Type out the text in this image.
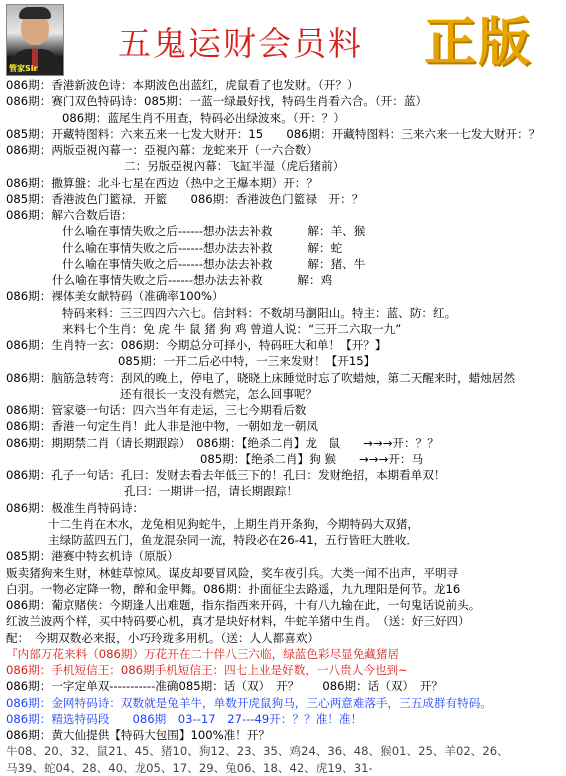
管家Sir
五鬼运财会员料 正版
086期：香港新波色诗：本期波色出蓝红，虎鼠看了也发财。（开？）
086期：赛门双色特码诗：085期：一蓝一绿最好找，特码生肖看六合。（开：蓝）
086期：蓝尾生肖不用查，特码必出绿波來。（开：？）
085期：开藏特图料：六来五来一七发大财开：15　　086期：开藏特图料：三来六来一七发大财开：？
086期：两版亞視內幕一：亞視內幕：龙蛇来开（一六合数）
二：另版亞視內幕：飞缸半湿（虎后猪前）
086期：撒算盤：北斗七星在西边（热中之王爆本期）开：？
085期：香港波色门籃禄．开籃　　086期：香港波色门籃禄　开：？
086期：解六合数后语：
什么喻在事情失败之后------想办法去补救　　　解：羊、猴
什么喻在事情失败之后------想办法去补救　　　解：蛇
什么喻在事情失败之后------想办法去补救　　　解：猪、牛
什么喻在事情失败之后------想办法去补救　　　解：鸡
086期：裸体美女献特码（准确率100%）
特码来料：三三四四六六七。信封料：不数胡马瀏阳山。特主：蓝、防：红。
来料七个生肖：免 虎 牛 鼠 猪 狗 鸡 曾道人说：“三开二六取一九”
086期：生肖特一玄：086期：今期总分可择小，特码旺大和单！【开？】
085期：一开二后必中特，一三来发财！【开15】
086期：脑筋急转弯：刮风的晚上，停电了，晓晓上床睡觉时忘了吹蜡烛，第二天醒来时，蜡烛居然
还有很长一支没有燃完，怎么回事呢？
086期：管家婆一句话：四六当年有走运，三七今期看后数
086期：香港一句定生肖！此人非是池中物，一朝如龙一朝凤
086期：期期禁二肖（请长期跟踪）　086期：【绝杀二肖】龙　鼠　　→→→开：？？
085期：【绝杀二肖】狗 猴　　→→→开：马
086期：孔子一句话：孔曰：发财去看去年低三下的！孔曰：发财绝招，本期看单双！
孔曰：一期讲一招，请长期跟踪！
086期：极准生肖特码诗：
十二生肖在木水，龙兔相见狗蛇牛，上期生肖开条狗，今期特码大双猪，
主绿防蓝四五门，鱼龙混杂同一流，特段必在26-41，五行皆旺大胜收．
085期：港赛中特玄机诗（原版）
贩卖猪狗来生财，林蛙草惊风。谋皮却要冒风险，奖车夜引兵。大类一闻不出声，平明寻
白羽。一物必定降一物，醉和金甲舞。086期：扑面征尘去路遥，九九理阳是何节。龙16
086期：葡京赌侠：今期逢人出难题，指东指西来开码，十有八九输在此，一句鬼话说前头。
红波兰波两个样，买中特码要心机，真才是块好材料，牛蛇羊猪中生肖。　（送：好三好四）
配：　今期双数必来报，小巧玲珑多用机。（送：人人都喜欢）
『内部万花来料（086期）万花开在二十伴八三六临，绿蓝色彩尽显免藏猪居
086期：手机短信王：086期手机短信王：四七上业是好数，一八贵人今也到~
086期：一字定单双-----------准确085期：话（双）　开？　　086期：话（双）　开？
086期：金网特码诗：双数就是兔羊牛，单数开虎鼠狗马，三心两意难落手，三五成群有特码。
086期：精选特码段　　086期　03--17　27---49开：？？准！准！
086期：黄大仙提供【特码大包围】100%准！开？
牛08、20、32、鼠21、45、猪10、狗12、23、35、鸡24、36、48、猴01、25、羊02、26、
马39、蛇04、28、40、龙05、17、29、兔06、18、42、虎19、31-
